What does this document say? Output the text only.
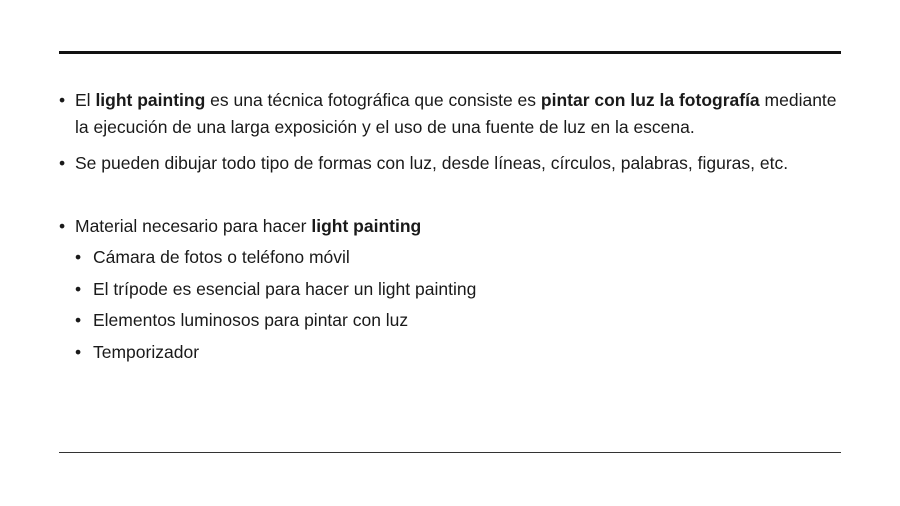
• El light painting es una técnica fotográfica que consiste es pintar con luz la fotografía mediante la ejecución de una larga exposición y el uso de una fuente de luz en la escena.
• Se pueden dibujar todo tipo de formas con luz, desde líneas, círculos, palabras, figuras, etc.
• Material necesario para hacer light painting
• Cámara de fotos o teléfono móvil
• El trípode es esencial para hacer un light painting
• Elementos luminosos para pintar con luz
• Temporizador
